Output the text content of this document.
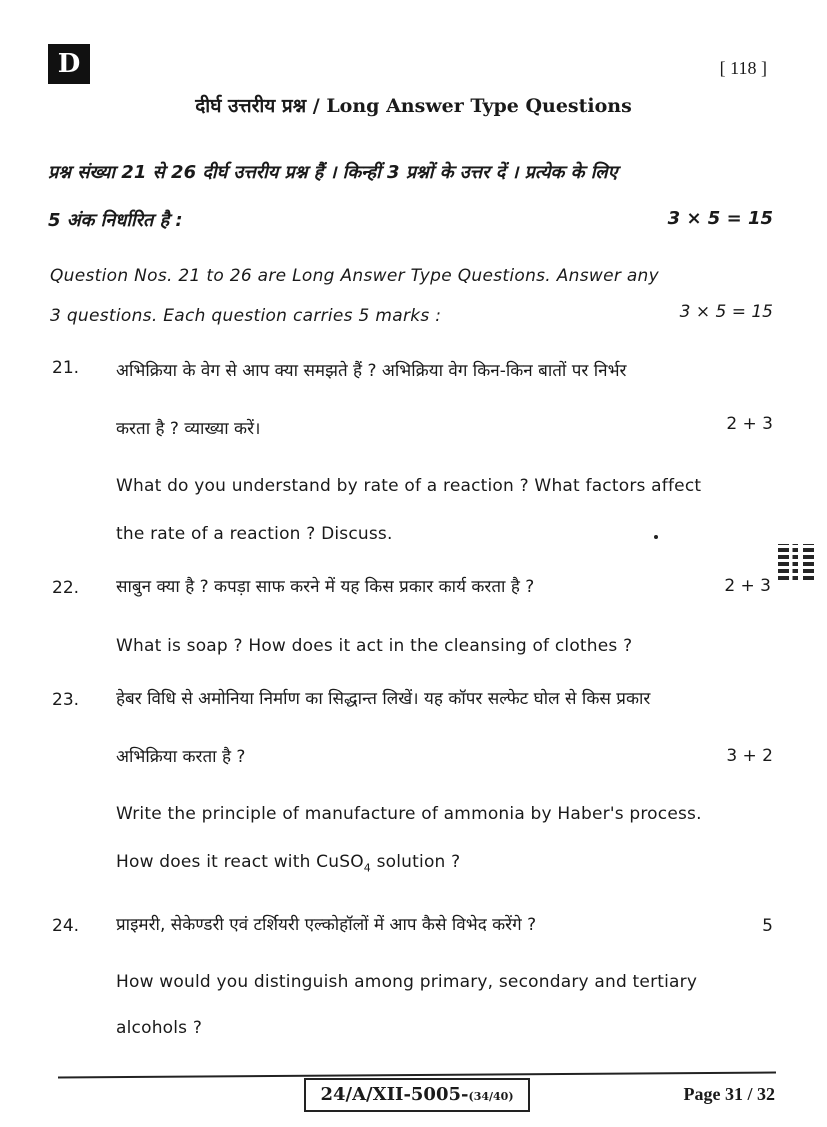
D	[ 118 ]
दीर्घ उत्तरीय प्रश्न / Long Answer Type Questions
प्रश्न संख्या 21 से 26 दीर्घ उत्तरीय प्रश्न हैं । किन्हीं 3 प्रश्नों के उत्तर दें । प्रत्येक के लिए
5 अंक निर्धारित है :	3 × 5 = 15
Question Nos. 21 to 26 are Long Answer Type Questions. Answer any
3 questions. Each question carries 5 marks :	3 × 5 = 15
21. अभिक्रिया के वेग से आप क्या समझते हैं ? अभिक्रिया वेग किन-किन बातों पर निर्भर
करता है ? व्याख्या करें।	2 + 3
What do you understand by rate of a reaction ? What factors affect
the rate of a reaction ? Discuss.
22. साबुन क्या है ? कपड़ा साफ करने में यह किस प्रकार कार्य करता है ?	2 + 3
What is soap ? How does it act in the cleansing of clothes ?
23. हेबर विधि से अमोनिया निर्माण का सिद्धान्त लिखें। यह कॉपर सल्फेट घोल से किस प्रकार
अभिक्रिया करता है ?	3 + 2
Write the principle of manufacture of ammonia by Haber's process.
How does it react with CuSO$_4$ solution ?
24. प्राइमरी, सेकेण्डरी एवं टर्शियरी एल्कोहॉलों में आप कैसे विभेद करेंगे ?	5
How would you distinguish among primary, secondary and tertiary
alcohols ?
24/A/XII-5005-(34/40)	Page 31 / 32
